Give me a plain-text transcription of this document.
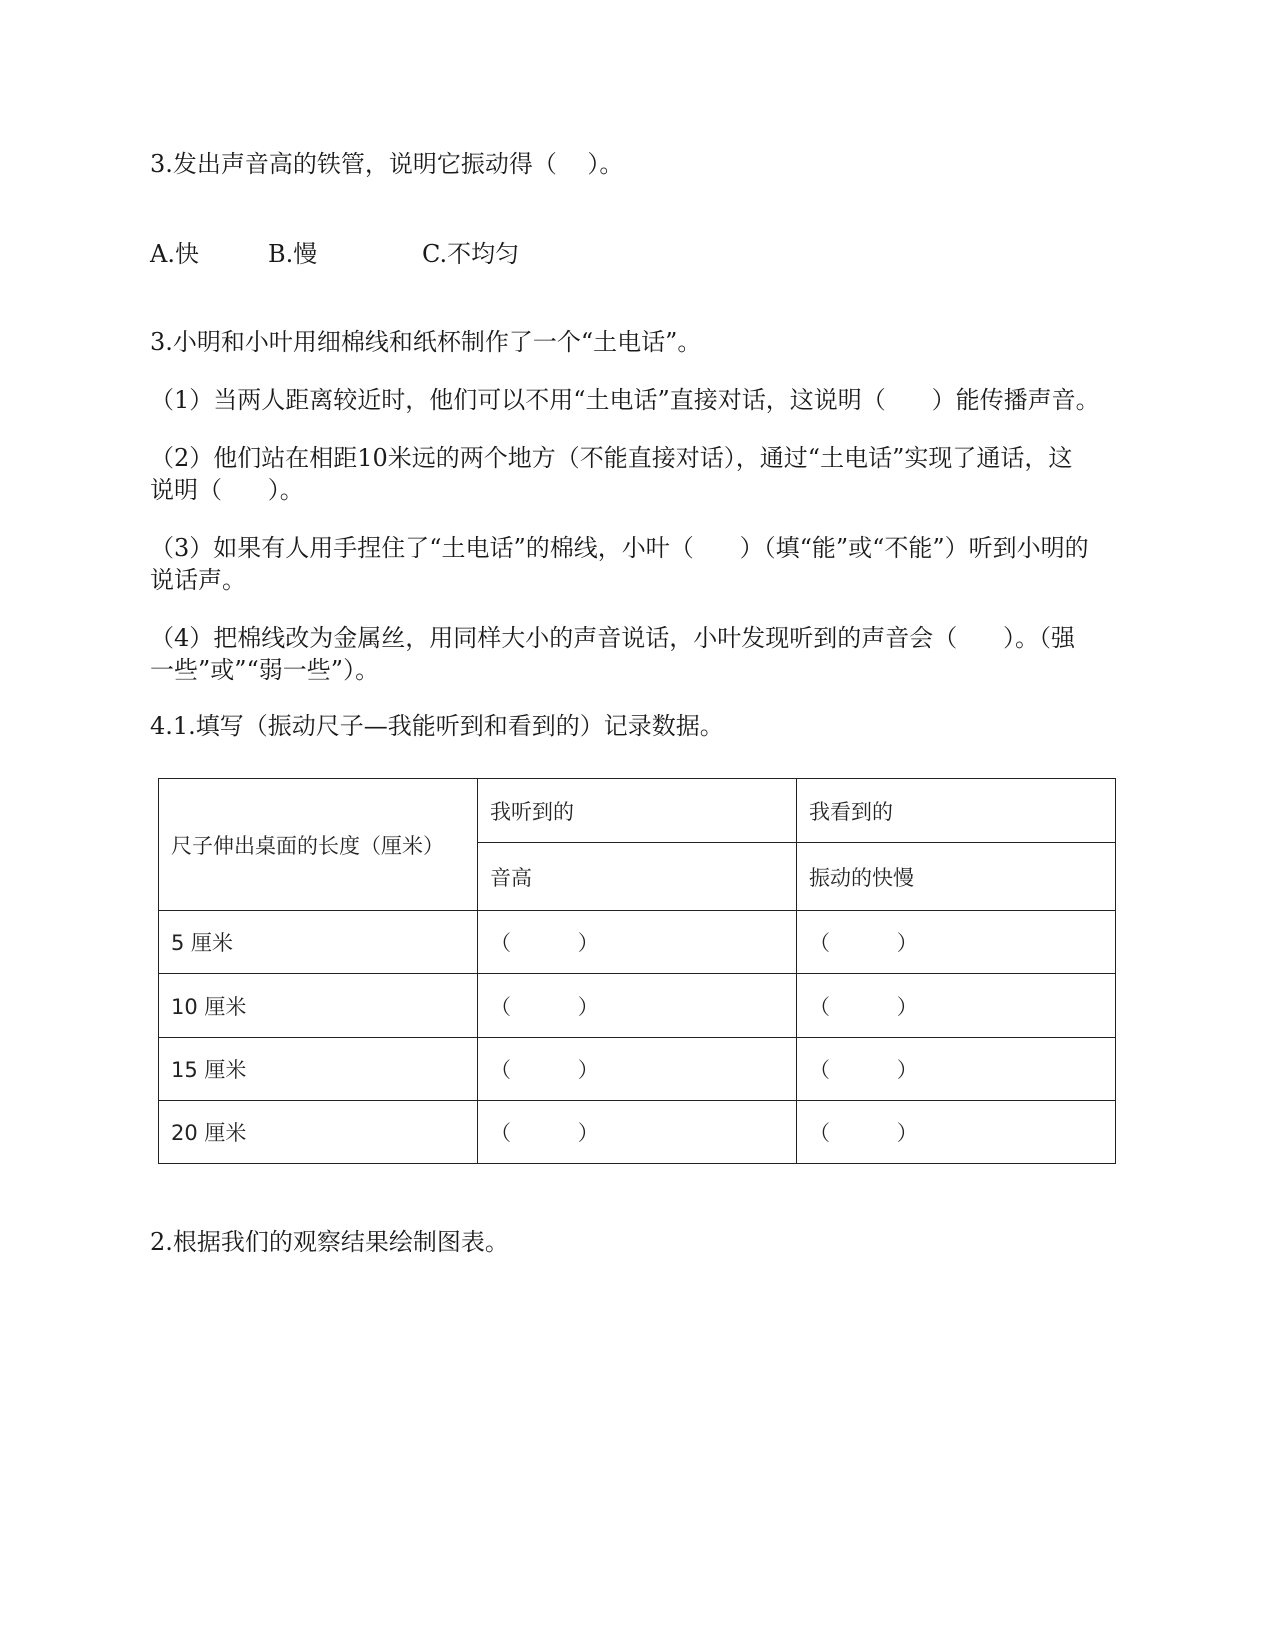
3.发出声音高的铁管，说明它振动得（    ）。
A.快	B.慢	C.不均匀
3.小明和小叶用细棉线和纸杯制作了一个“土电话”。
（1）当两人距离较近时，他们可以不用“土电话”直接对话，这说明（      ）能传播声音。
（2）他们站在相距10米远的两个地方（不能直接对话），通过“土电话”实现了通话，这
说明（      ）。
（3）如果有人用手捏住了“土电话”的棉线，小叶（      ）（填“能”或“不能”）听到小明的
说话声。
（4）把棉线改为金属丝，用同样大小的声音说话，小叶发现听到的声音会（      ）。（强
一些”或”“弱一些”）。
4.1.填写（振动尺子—我能听到和看到的）记录数据。
尺子伸出桌面的长度（厘米）	我听到的	我看到的
	音高	振动的快慢
5 厘米	（          ）	（          ）
10 厘米	（          ）	（          ）
15 厘米	（          ）	（          ）
20 厘米	（          ）	（          ）
2.根据我们的观察结果绘制图表。
